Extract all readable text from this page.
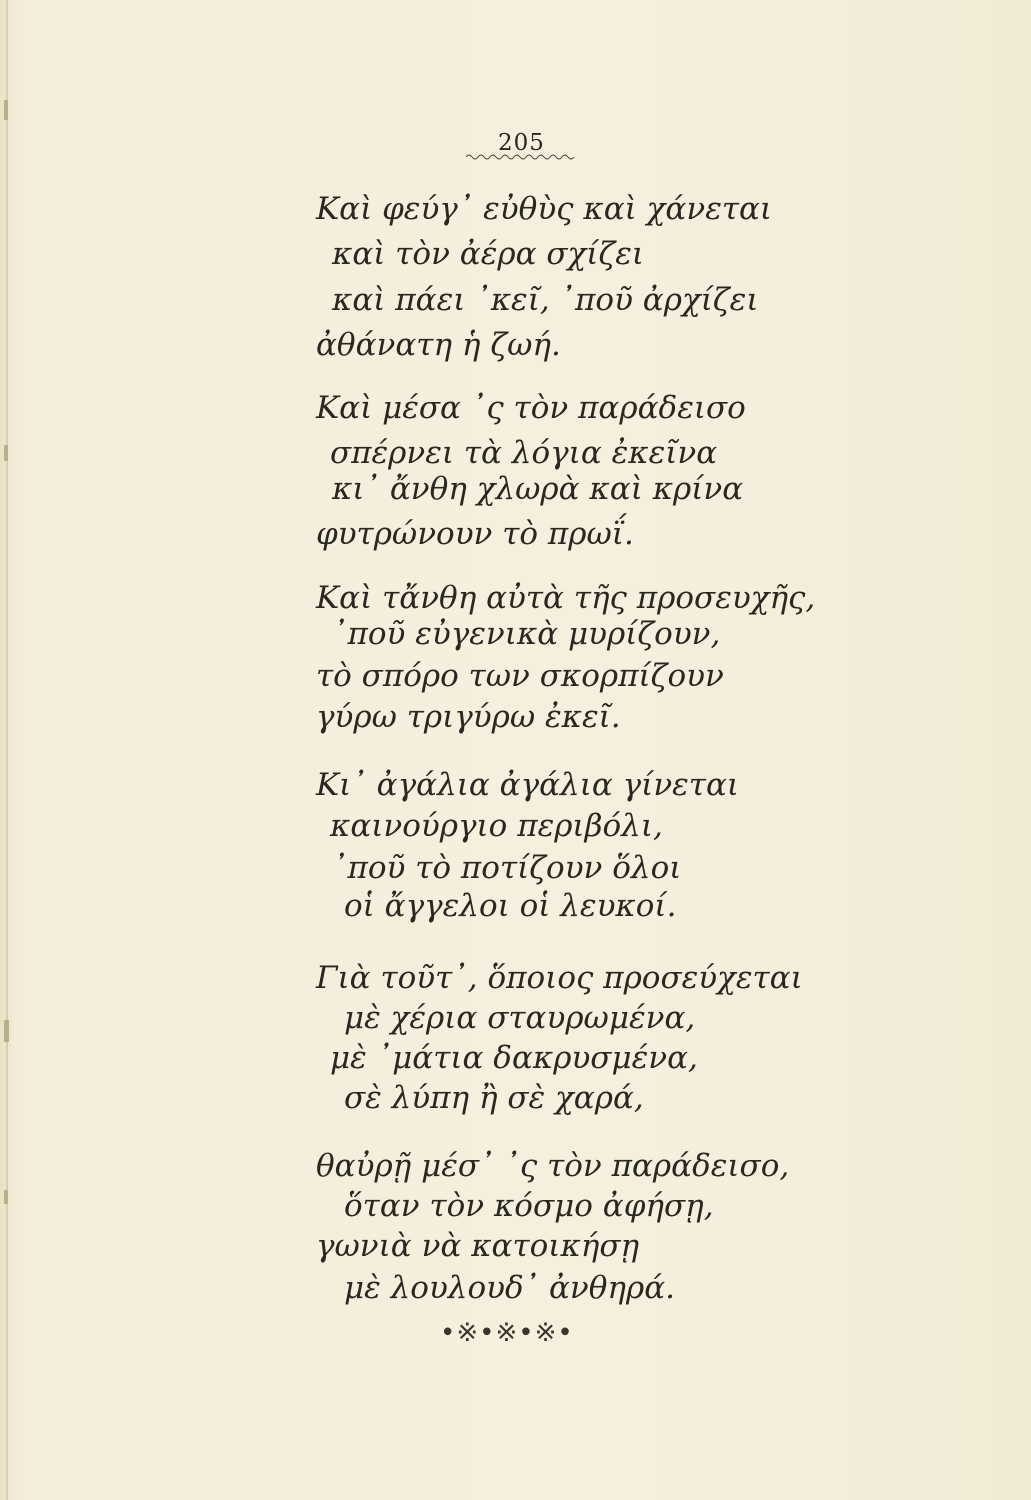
205
Καὶ φεύγ᾽ εὐθὺς καὶ χάνεται
καὶ τὸν ἀέρα σχίζει
καὶ πάει ᾽κεῖ, ᾽ποῦ ἀρχίζει
ἀθάνατη ἡ ζωή.
Καὶ μέσα ᾽ς τὸν παράδεισο
σπέρνει τὰ λόγια ἐκεῖνα
κι᾽ ἄνθη χλωρὰ καὶ κρίνα
φυτρώνουν τὸ πρωΐ.
Καὶ τἄνθη αὐτὰ τῆς προσευχῆς,
᾽ποῦ εὐγενικὰ μυρίζουν,
τὸ σπόρο των σκορπίζουν
γύρω τριγύρω ἐκεῖ.
Κι᾽ ἀγάλια ἀγάλια γίνεται
καινούργιο περιβόλι,
᾽ποῦ τὸ ποτίζουν ὅλοι
οἱ ἄγγελοι οἱ λευκοί.
Γιὰ τοῦτ᾽, ὅποιος προσεύχεται
μὲ χέρια σταυρωμένα,
μὲ ᾽μάτια δακρυσμένα,
σὲ λύπη ἢ σὲ χαρά,
θαὐρῇ μέσ᾽ ᾽ς τὸν παράδεισο,
ὅταν τὸν κόσμο ἀφήσῃ,
γωνιὰ νὰ κατοικήσῃ
μὲ λουλουδ᾽ ἀνθηρά.
•※•※•※•
